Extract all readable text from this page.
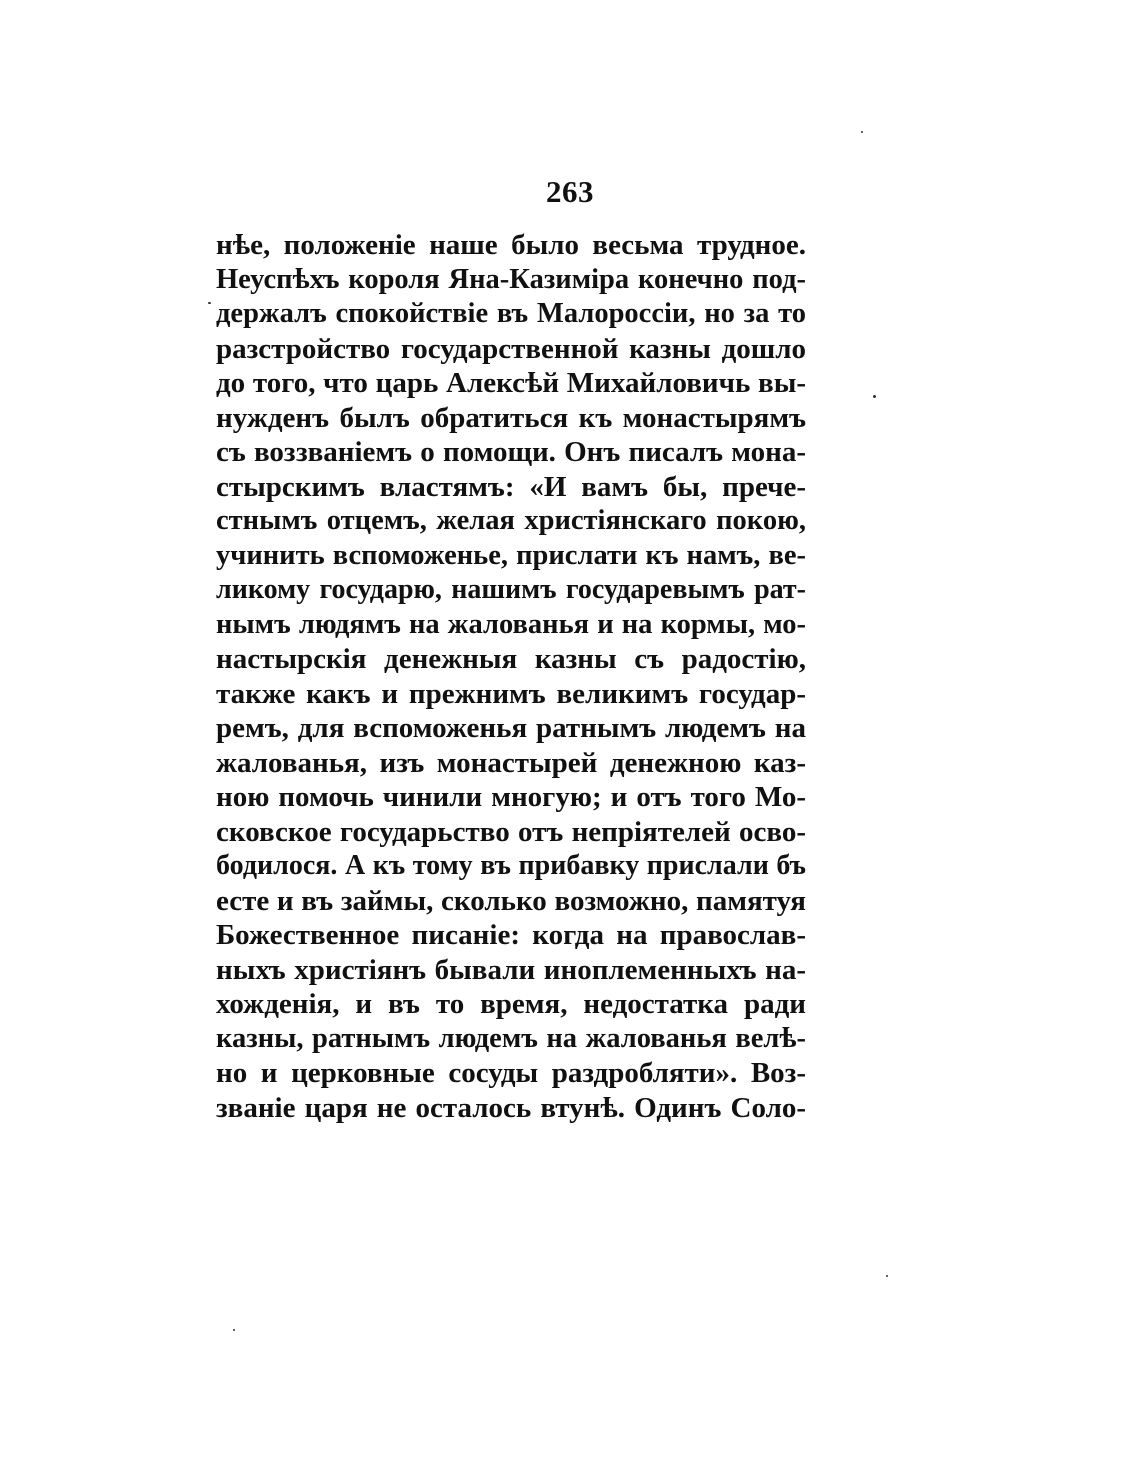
263
нѣе, положеніе наше было весьма трудное.
Неуспѣхъ короля Яна-Казиміра конечно под-
держалъ спокойствіе въ Малороссіи, но за то
разстройство государственной казны дошло
до того, что царь Алексѣй Михайловичь вы-
нужденъ былъ обратиться къ монастырямъ
съ воззваніемъ о помощи. Онъ писалъ мона-
стырскимъ властямъ: «И вамъ бы, пречe-
стнымъ отцемъ, желая христіянскаго покою,
учинить вспоможенье, прислати къ намъ, ве-
ликому государю, нашимъ государевымъ рат-
нымъ людямъ на жалованья и на кормы, мо-
настырскія денежныя казны съ радостію,
также какъ и прежнимъ великимъ государ-
ремъ, для вспоможенья ратнымъ людемъ на
жалованья, изъ монастырей денежною каз-
ною помочь чинили многую; и отъ того Мо-
сковское государьство отъ непріятелей осво-
бодилося. А къ тому въ прибавку прислали бъ
есте и въ займы, сколько возможно, памятуя
Божественное писаніе: когда на православ-
ныхъ христіянъ бывали иноплеменныхъ на-
хожденія, и въ то время, недостатка ради
казны, ратнымъ людемъ на жалованья велѣ-
но и церковные сосуды раздробляти». Воз-
званіе царя не осталось втунѣ. Одинъ Соло-
